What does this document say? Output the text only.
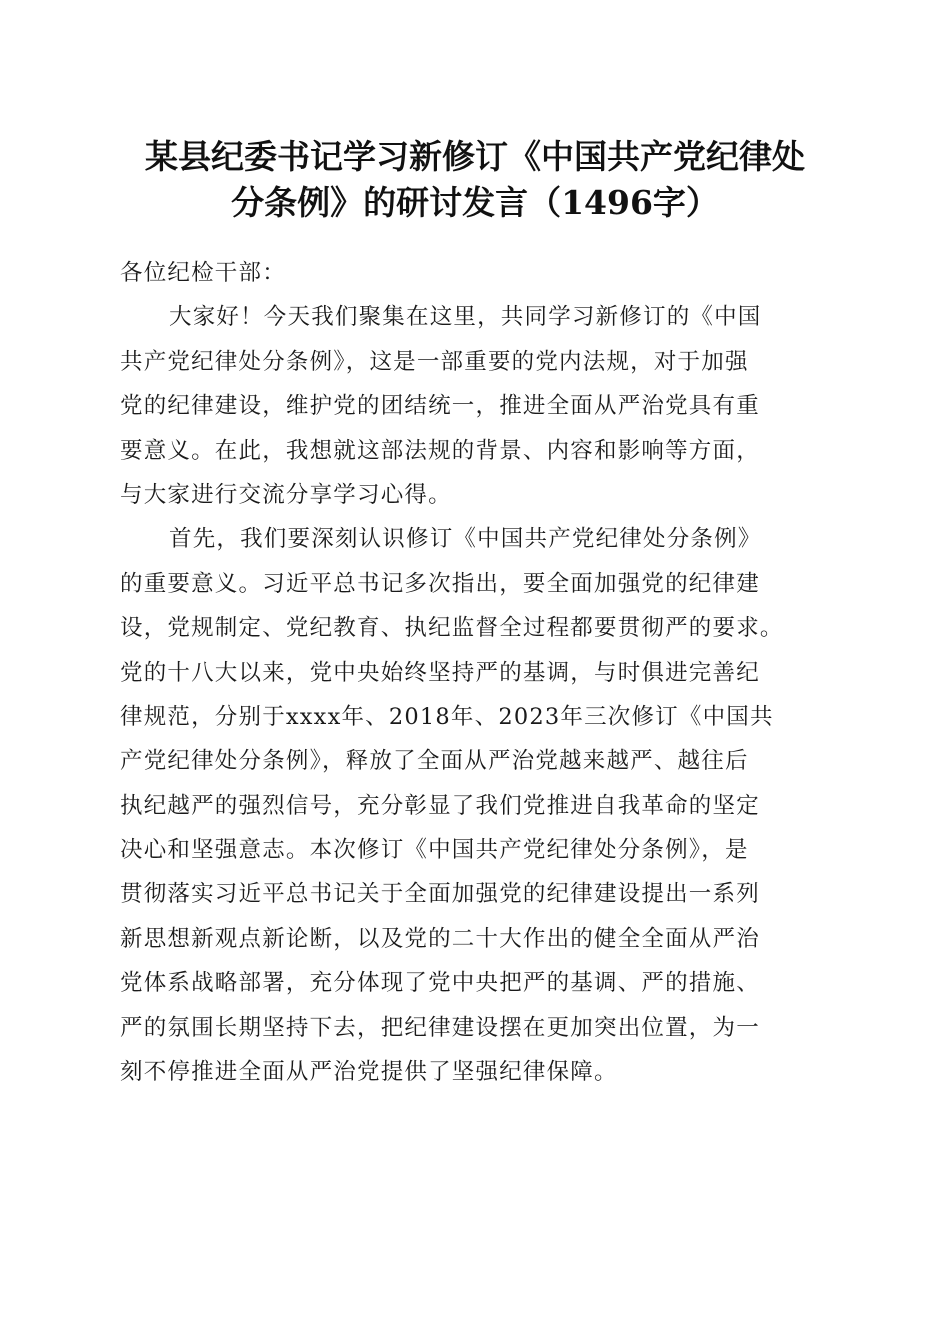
某县纪委书记学习新修订《中国共产党纪律处
分条例》的研讨发言（1496字）
各位纪检干部：
大家好！今天我们聚集在这里，共同学习新修订的《中国
共产党纪律处分条例》，这是一部重要的党内法规，对于加强
党的纪律建设，维护党的团结统一，推进全面从严治党具有重
要意义。在此，我想就这部法规的背景、内容和影响等方面，
与大家进行交流分享学习心得。
首先，我们要深刻认识修订《中国共产党纪律处分条例》
的重要意义。习近平总书记多次指出，要全面加强党的纪律建
设，党规制定、党纪教育、执纪监督全过程都要贯彻严的要求。
党的十八大以来，党中央始终坚持严的基调，与时俱进完善纪
律规范，分别于xxxx年、2018年、2023年三次修订《中国共
产党纪律处分条例》，释放了全面从严治党越来越严、越往后
执纪越严的强烈信号，充分彰显了我们党推进自我革命的坚定
决心和坚强意志。本次修订《中国共产党纪律处分条例》，是
贯彻落实习近平总书记关于全面加强党的纪律建设提出一系列
新思想新观点新论断，以及党的二十大作出的健全全面从严治
党体系战略部署，充分体现了党中央把严的基调、严的措施、
严的氛围长期坚持下去，把纪律建设摆在更加突出位置，为一
刻不停推进全面从严治党提供了坚强纪律保障。
